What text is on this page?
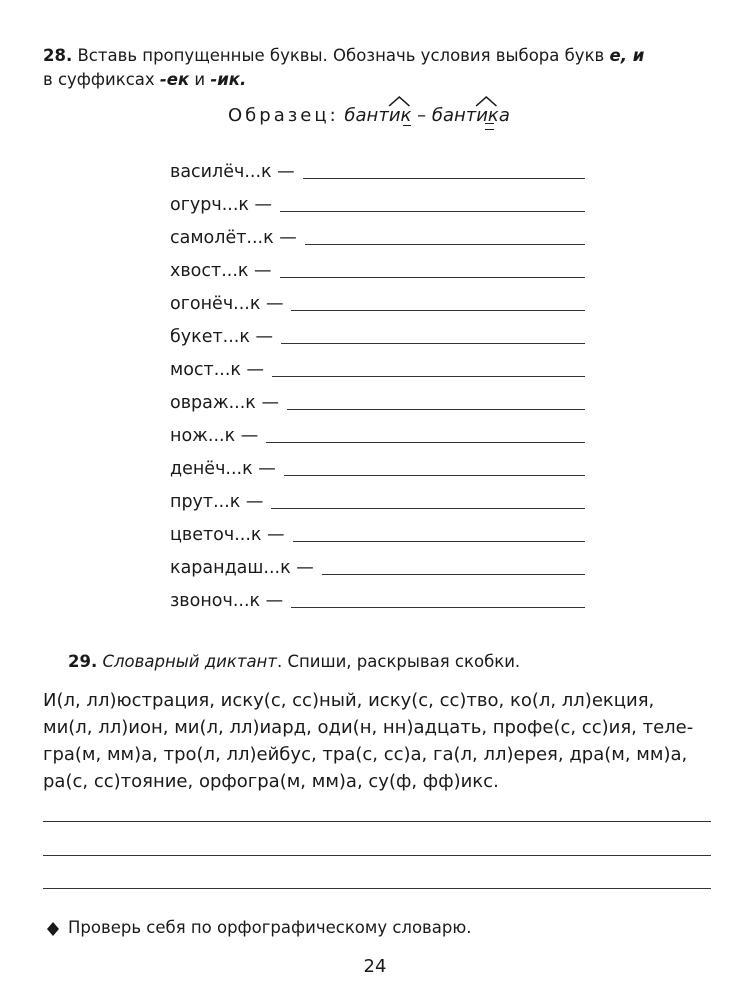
28. Вставь пропущенные буквы. Обозначь условия выбора букв е, и
в суффиксах -ек и -ик.
Образец: бант
ик
– бант
ик
а
василёч...к —
огурч...к —
самолёт...к —
хвост...к —
огонёч...к —
букет...к —
мост...к —
овраж...к —
нож...к —
денёч...к —
прут...к —
цветоч...к —
карандаш...к —
звоноч...к —
29. Словарный диктант. Спиши, раскрывая скобки.

И(л, лл)юстрация, иску(с, сс)ный, иску(с, сс)тво, ко(л, лл)екция,

ми(л, лл)ион, ми(л, лл)иард, оди(н, нн)адцать, профе(с, сс)ия, теле-

гра(м, мм)а, тро(л, лл)ейбус, тра(с, сс)а, га(л, лл)ерея, дра(м, мм)а,

ра(с, сс)тояние, орфогра(м, мм)а, су(ф, фф)икс.

Проверь себя по орфографическому словарю.
24
